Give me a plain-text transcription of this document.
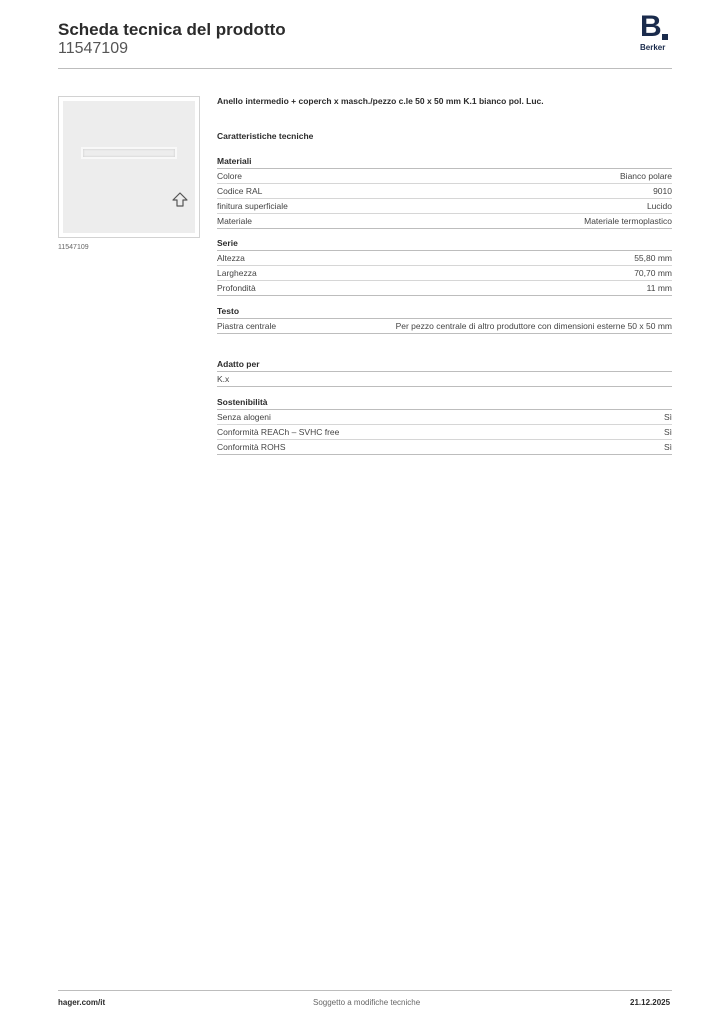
Scheda tecnica del prodotto
11547109
B
Berker
11547109
Anello intermedio + coperch x masch./pezzo c.le 50 x 50 mm K.1 bianco pol. Luc.
Caratteristiche tecniche
Materiali
Colore	Bianco polare
Codice RAL	9010
finitura superficiale	Lucido
Materiale	Materiale termoplastico
Serie
Altezza	55,80 mm
Larghezza	70,70 mm
Profondità	11 mm
Testo
Piastra centrale	Per pezzo centrale di altro produttore con dimensioni esterne 50 x 50 mm
Adatto per
K.x
Sostenibilità
Senza alogeni	Sì
Conformità REACh – SVHC free	Sì
Conformità ROHS	Sì
hager.com/it	Soggetto a modifiche tecniche	21.12.2025
